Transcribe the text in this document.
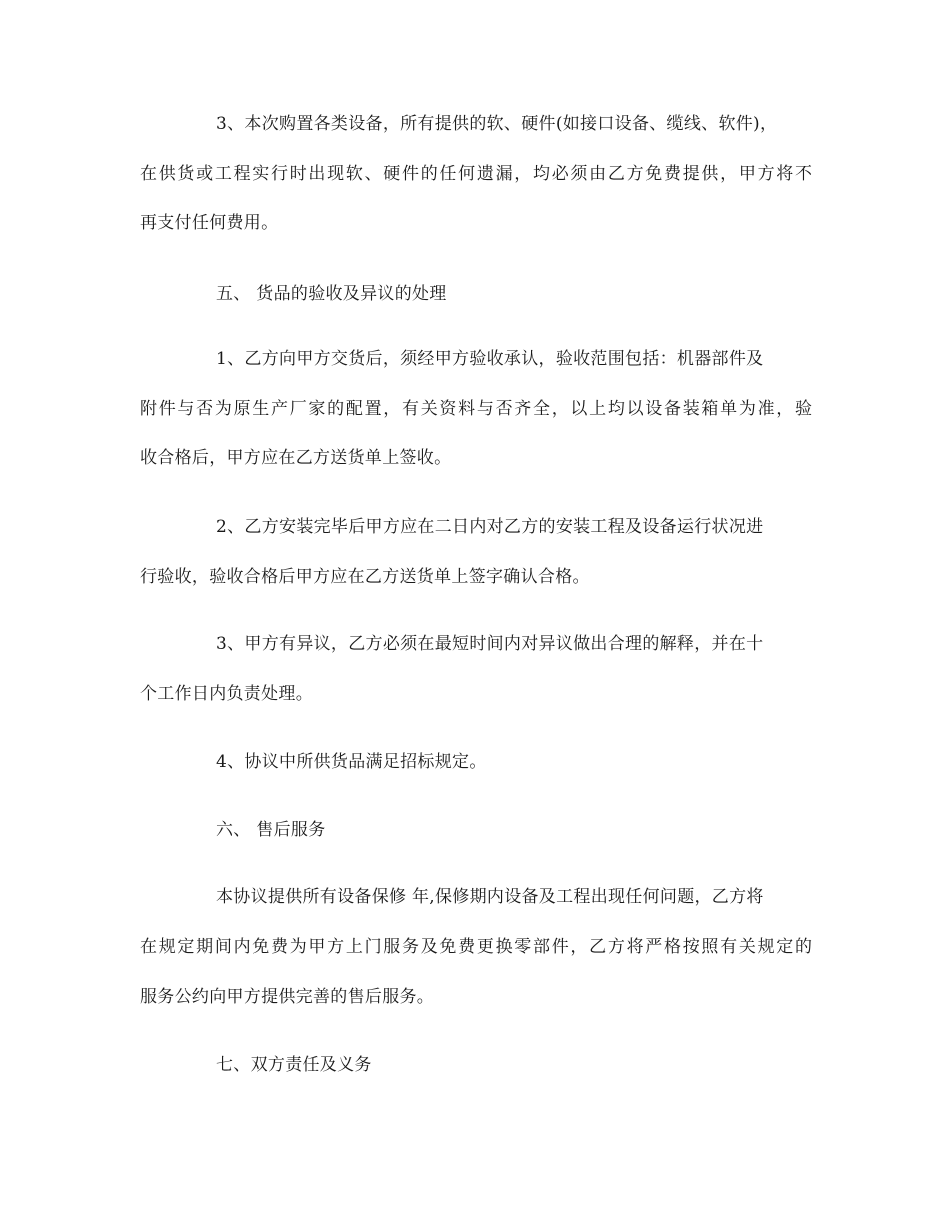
3、本次购置各类设备，所有提供的软、硬件(如接口设备、缆线、软件)，
在供货或工程实行时出现软、硬件的任何遗漏，均必须由乙方免费提供，甲方将不
再支付任何费用。
五、 货品的验收及异议的处理
1、乙方向甲方交货后，须经甲方验收承认，验收范围包括：机器部件及
附件与否为原生产厂家的配置，有关资料与否齐全，以上均以设备装箱单为准，验
收合格后，甲方应在乙方送货单上签收。
2、乙方安装完毕后甲方应在二日内对乙方的安装工程及设备运行状况进
行验收，验收合格后甲方应在乙方送货单上签字确认合格。
3、甲方有异议，乙方必须在最短时间内对异议做出合理的解释，并在十
个工作日内负责处理。
4、协议中所供货品满足招标规定。
六、 售后服务
本协议提供所有设备保修 年,保修期内设备及工程出现任何问题，乙方将
在规定期间内免费为甲方上门服务及免费更换零部件，乙方将严格按照有关规定的
服务公约向甲方提供完善的售后服务。
七、双方责任及义务
